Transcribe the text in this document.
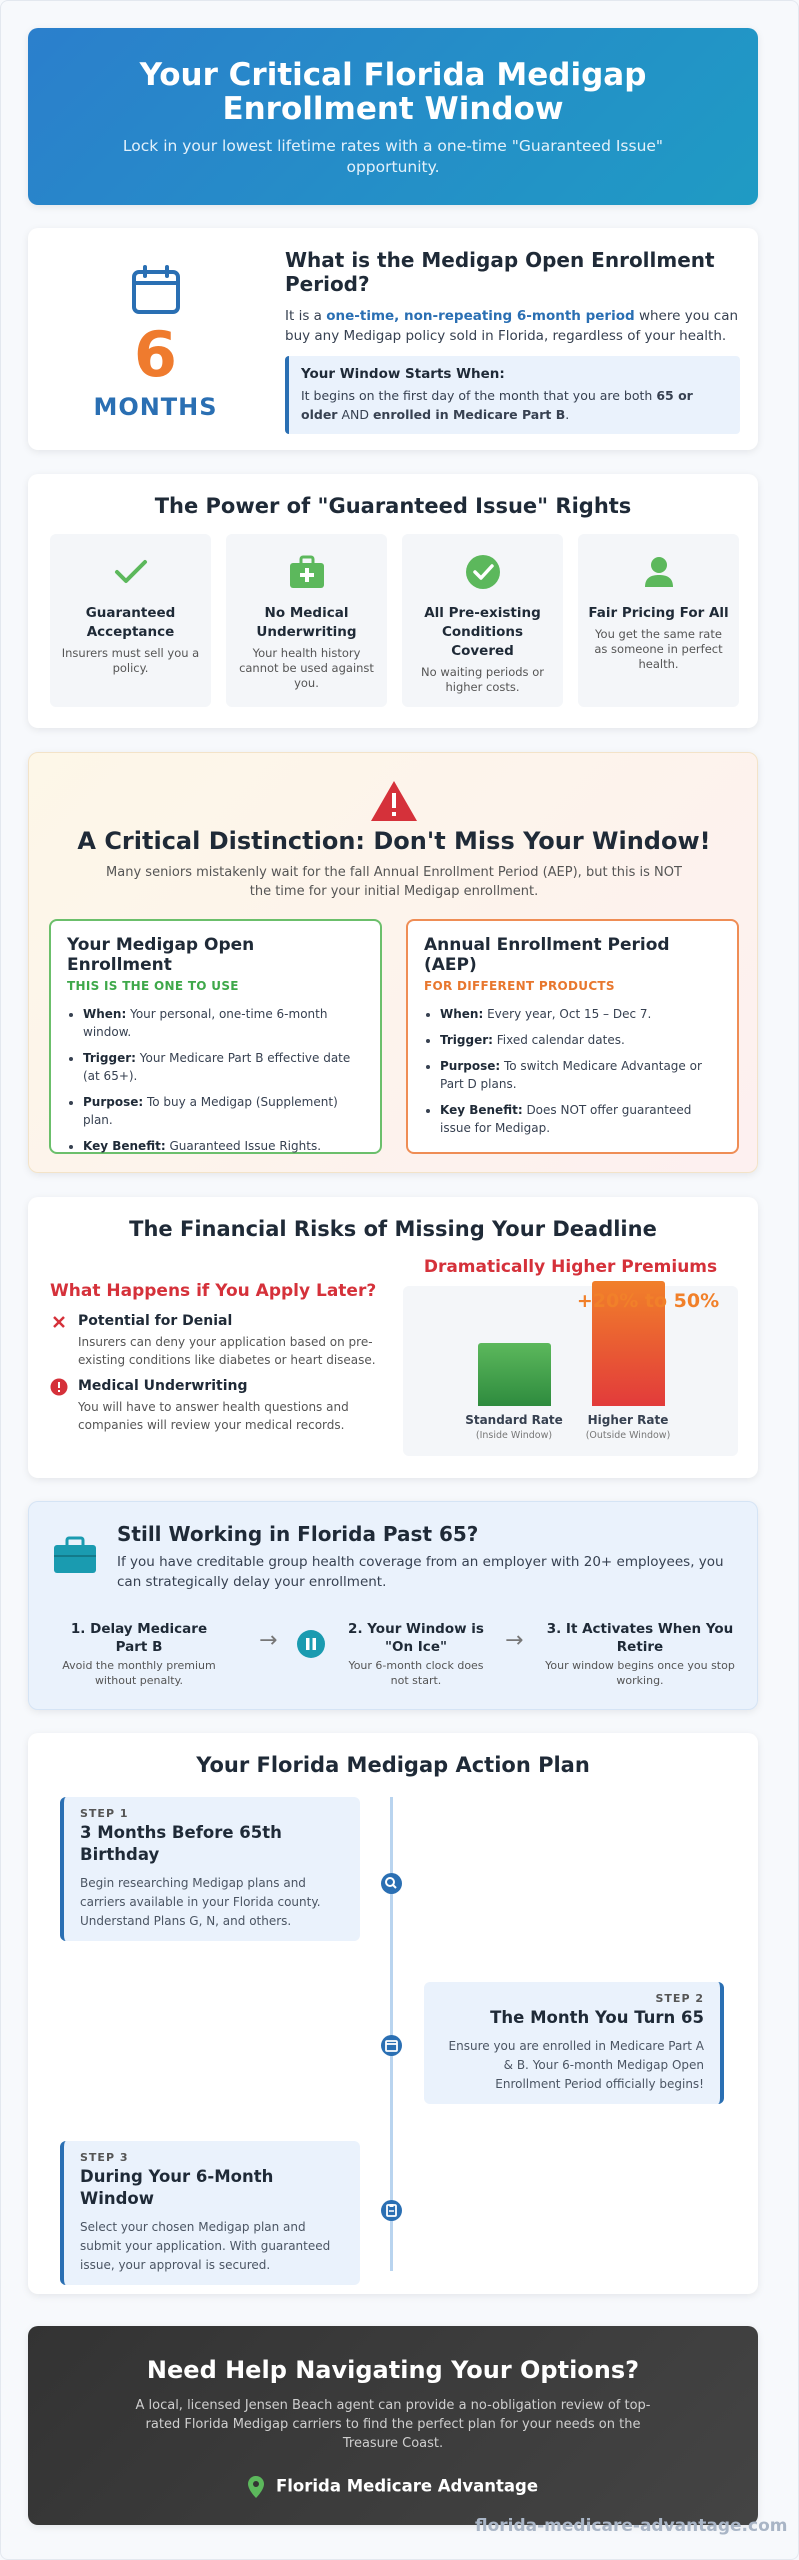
Your Critical Florida Medigap Enrollment Window

Lock in your lowest lifetime rates with a one-time "Guaranteed Issue" opportunity.

6
MONTHS
What is the Medigap Open Enrollment Period?

It is a one-time, non-repeating 6-month period where you can buy any Medigap policy sold in Florida, regardless of your health.

Your Window Starts When:
It begins on the first day of the month that you are both 65 or older AND enrolled in Medicare Part B.
The Power of "Guaranteed Issue" Rights
Guaranteed Acceptance
Insurers must sell you a policy.
No Medical Underwriting
Your health history cannot be used against you.
All Pre-existing Conditions Covered
No waiting periods or higher costs.
Fair Pricing For All
You get the same rate as someone in perfect health.
A Critical Distinction: Don't Miss Your Window!

Many seniors mistakenly wait for the fall Annual Enrollment Period (AEP), but this is NOT the time for your initial Medigap enrollment.

Your Medigap Open Enrollment
THIS IS THE ONE TO USE
• When: Your personal, one-time 6-month window.
• Trigger: Your Medicare Part B effective date (at 65+).
• Purpose: To buy a Medigap (Supplement) plan.
• Key Benefit: Guaranteed Issue Rights.
Annual Enrollment Period (AEP)
FOR DIFFERENT PRODUCTS
• When: Every year, Oct 15 – Dec 7.
• Trigger: Fixed calendar dates.
• Purpose: To switch Medicare Advantage or Part D plans.
• Key Benefit: Does NOT offer guaranteed issue for Medigap.
The Financial Risks of Missing Your Deadline
What Happens if You Apply Later?
Potential for Denial
Insurers can deny your application based on pre-existing conditions like diabetes or heart disease.
Medical Underwriting
You will have to answer health questions and companies will review your medical records.
Dramatically Higher Premiums
+20% to 50%
Standard Rate
(Inside Window)
Higher Rate
(Outside Window)
Still Working in Florida Past 65?

If you have creditable group health coverage from an employer with 20+ employees, you can strategically delay your enrollment.

1. Delay Medicare Part B
Avoid the monthly premium without penalty.
→	2. Your Window is "On Ice"
Your 6-month clock does not start.
→ 3. It Activates When You Retire
Your window begins once you stop working.
Your Florida Medigap Action Plan
STEP 1
3 Months Before 65th Birthday
Begin researching Medigap plans and carriers available in your Florida county. Understand Plans G, N, and others.
STEP 2
The Month You Turn 65
Ensure you are enrolled in Medicare Part A & B. Your 6-month Medigap Open Enrollment Period officially begins!
STEP 3
During Your 6-Month Window
Select your chosen Medigap plan and submit your application. With guaranteed issue, your approval is secured.
Need Help Navigating Your Options?

A local, licensed Jensen Beach agent can provide a no-obligation review of top-rated Florida Medigap carriers to find the perfect plan for your needs on the Treasure Coast.

Florida Medicare Advantage
florida-medicare-advantage.com
